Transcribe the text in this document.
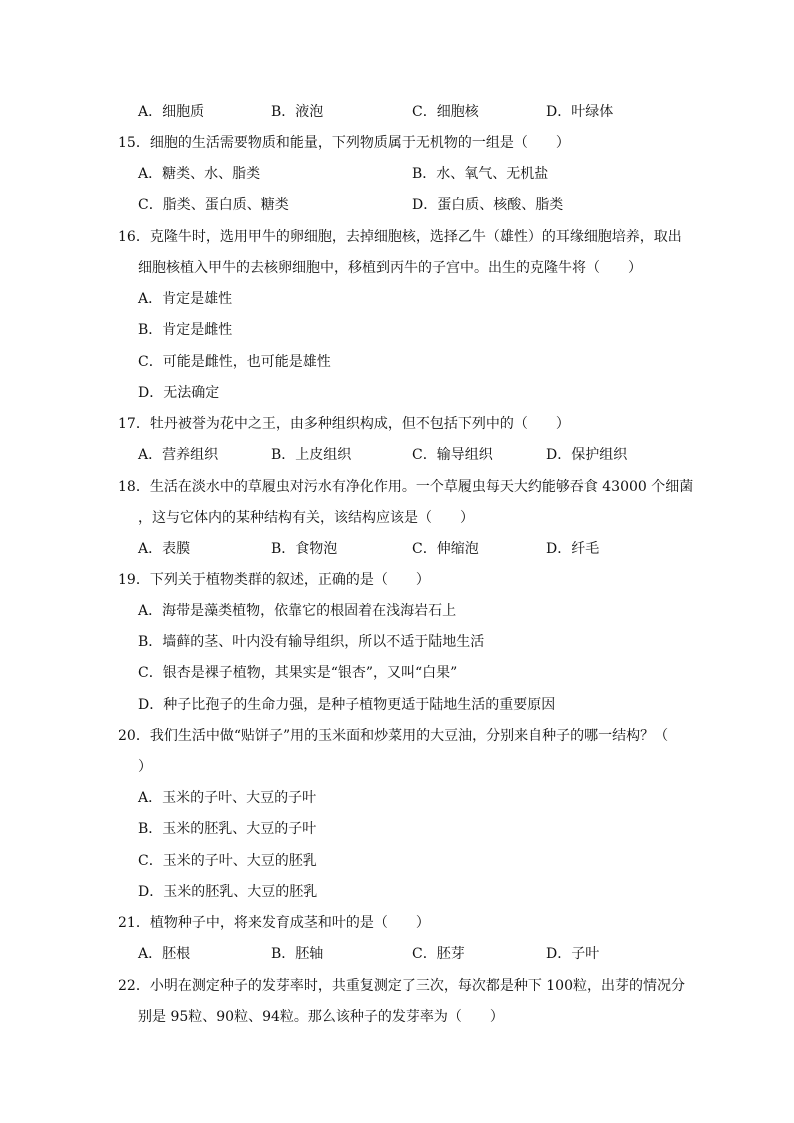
A．细胞质	B．液泡	C．细胞核	D．叶绿体
15．细胞的生活需要物质和能量，下列物质属于无机物的一组是（　　）
A．糖类、水、脂类	B．水、氧气、无机盐
C．脂类、蛋白质、糖类	D．蛋白质、核酸、脂类
16．克隆牛时，选用甲牛的卵细胞，去掉细胞核，选择乙牛（雄性）的耳缘细胞培养，取出
细胞核植入甲牛的去核卵细胞中，移植到丙牛的子宫中。出生的克隆牛将（　　）
A．肯定是雄性
B．肯定是雌性
C．可能是雌性，也可能是雄性
D．无法确定
17．牡丹被誉为花中之王，由多种组织构成，但不包括下列中的（　　）
A．营养组织	B．上皮组织	C．输导组织	D．保护组织
18．生活在淡水中的草履虫对污水有净化作用。一个草履虫每天大约能够吞食 43000 个细菌
，这与它体内的某种结构有关，该结构应该是（　　）
A．表膜	B．食物泡	C．伸缩泡	D．纤毛
19．下列关于植物类群的叙述，正确的是（　　）
A．海带是藻类植物，依靠它的根固着在浅海岩石上
B．墙藓的茎、叶内没有输导组织，所以不适于陆地生活
C．银杏是裸子植物，其果实是“银杏”，又叫“白果”
D．种子比孢子的生命力强，是种子植物更适于陆地生活的重要原因
20．我们生活中做“贴饼子”用的玉米面和炒菜用的大豆油，分别来自种子的哪一结构？（
）
A．玉米的子叶、大豆的子叶
B．玉米的胚乳、大豆的子叶
C．玉米的子叶、大豆的胚乳
D．玉米的胚乳、大豆的胚乳
21．植物种子中，将来发育成茎和叶的是（　　）
A．胚根	B．胚轴	C．胚芽	D．子叶
22．小明在测定种子的发芽率时，共重复测定了三次，每次都是种下 100粒，出芽的情况分
别是 95粒、90粒、94粒。那么该种子的发芽率为（　　）
